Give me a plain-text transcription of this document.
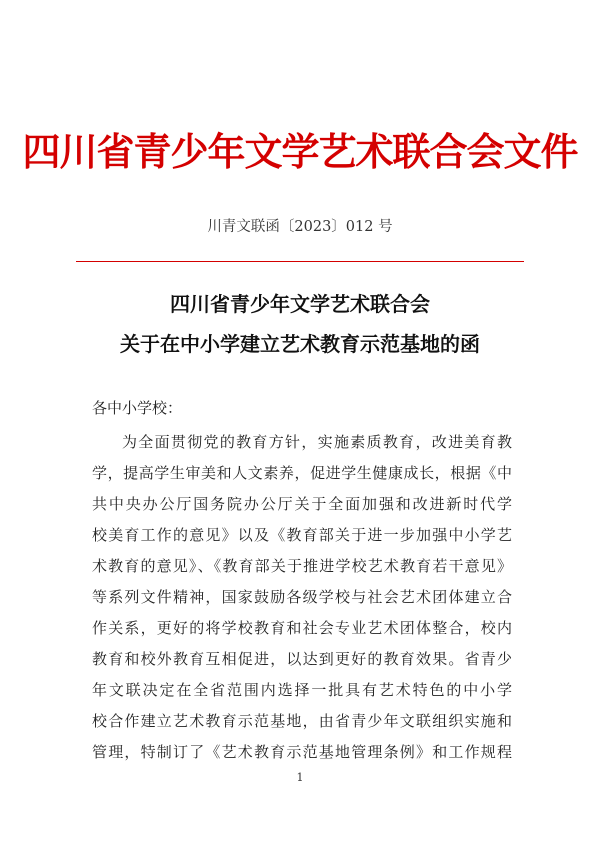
四川省青少年文学艺术联合会文件
川青文联函〔2023〕012 号
四川省青少年文学艺术联合会
关于在中小学建立艺术教育示范基地的函
各中小学校：
为全面贯彻党的教育方针，实施素质教育，改进美育教
学，提高学生审美和人文素养，促进学生健康成长，根据《中
共中央办公厅国务院办公厅关于全面加强和改进新时代学
校美育工作的意见》以及《教育部关于进一步加强中小学艺
术教育的意见》、《教育部关于推进学校艺术教育若干意见》
等系列文件精神，国家鼓励各级学校与社会艺术团体建立合
作关系，更好的将学校教育和社会专业艺术团体整合，校内
教育和校外教育互相促进，以达到更好的教育效果。省青少
年文联决定在全省范围内选择一批具有艺术特色的中小学
校合作建立艺术教育示范基地，由省青少年文联组织实施和
管理，特制订了《艺术教育示范基地管理条例》和工作规程
1
